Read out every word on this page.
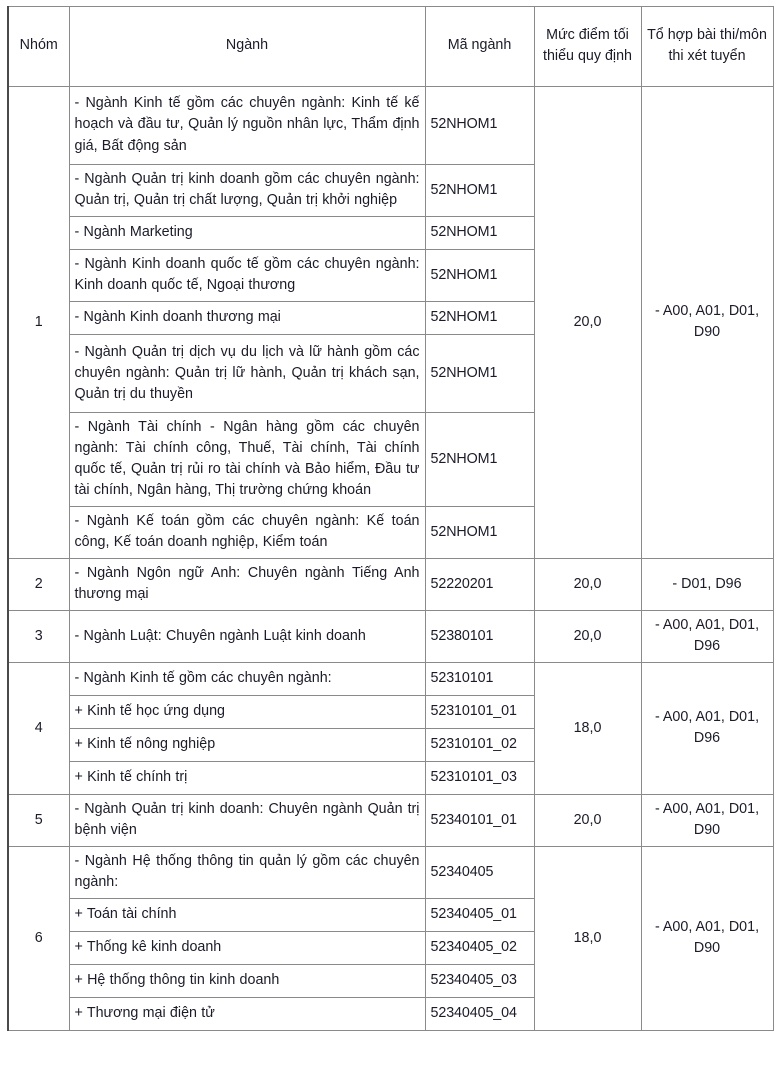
Nhóm	Ngành	Mã ngành	Mức điểm tối thiểu quy định	Tổ hợp bài thi/môn thi xét tuyển
1	- Ngành Kinh tế gồm các chuyên ngành: Kinh tế kế hoạch và đầu tư, Quản lý nguồn nhân lực, Thẩm định giá, Bất động sản	52NHOM1	20,0	- A00, A01, D01, D90
	- Ngành Quản trị kinh doanh gồm các chuyên ngành: Quản trị, Quản trị chất lượng, Quản trị khởi nghiệp	52NHOM1		
	- Ngành Marketing	52NHOM1		
	- Ngành Kinh doanh quốc tế gồm các chuyên ngành: Kinh doanh quốc tế, Ngoại thương	52NHOM1		
	- Ngành Kinh doanh thương mại	52NHOM1		
	- Ngành Quản trị dịch vụ du lịch và lữ hành gồm các chuyên ngành: Quản trị lữ hành, Quản trị khách sạn, Quản trị du thuyền	52NHOM1		
	- Ngành Tài chính - Ngân hàng gồm các chuyên ngành: Tài chính công, Thuế, Tài chính, Tài chính quốc tế, Quản trị rủi ro tài chính và Bảo hiểm, Đầu tư tài chính, Ngân hàng, Thị trường chứng khoán	52NHOM1		
	- Ngành Kế toán gồm các chuyên ngành: Kế toán công, Kế toán doanh nghiệp, Kiểm toán	52NHOM1		
2	- Ngành Ngôn ngữ Anh: Chuyên ngành Tiếng Anh thương mại	52220201	20,0	- D01, D96
3	- Ngành Luật: Chuyên ngành Luật kinh doanh	52380101	20,0	- A00, A01, D01, D96
4	- Ngành Kinh tế gồm các chuyên ngành:	52310101	18,0	- A00, A01, D01, D96
	+ Kinh tế học ứng dụng	52310101_01		
	+ Kinh tế nông nghiệp	52310101_02		
	+ Kinh tế chính trị	52310101_03		
5	- Ngành Quản trị kinh doanh: Chuyên ngành Quản trị bệnh viện	52340101_01	20,0	- A00, A01, D01, D90
6	- Ngành Hệ thống thông tin quản lý gồm các chuyên ngành:	52340405	18,0	- A00, A01, D01, D90
	+ Toán tài chính	52340405_01		
	+ Thống kê kinh doanh	52340405_02		
	+ Hệ thống thông tin kinh doanh	52340405_03		
	+ Thương mại điện tử	52340405_04		
